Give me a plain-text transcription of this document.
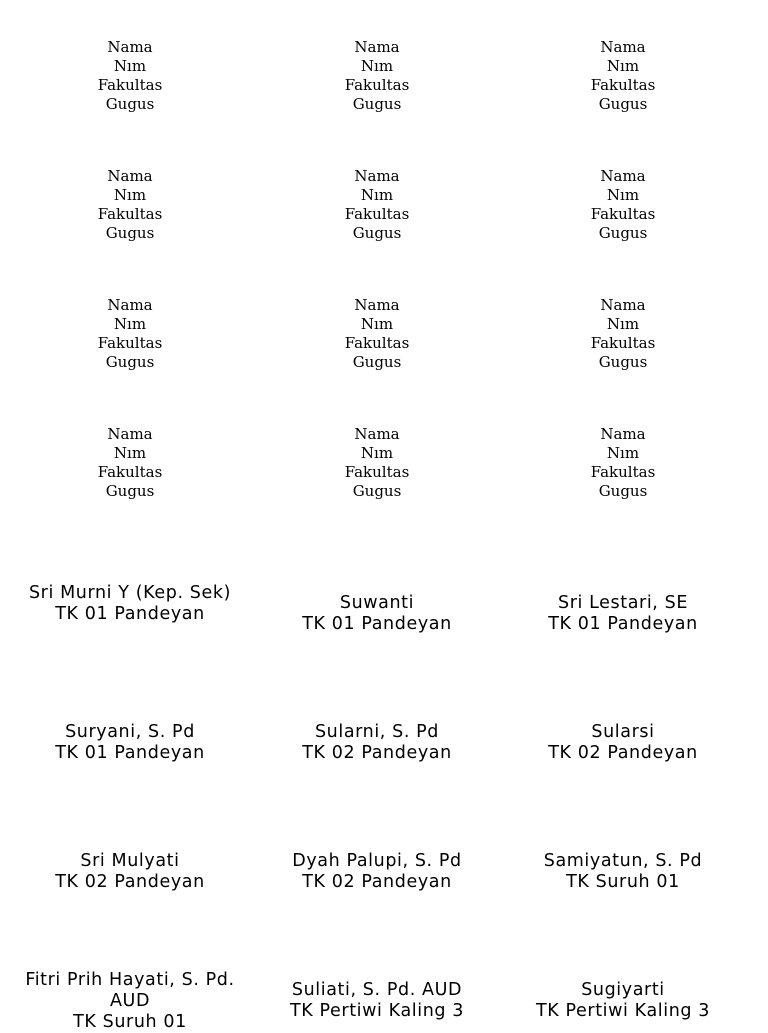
Nama
Nım
Fakultas
Gugus
Nama
Nım
Fakultas
Gugus
Nama
Nım
Fakultas
Gugus
Nama
Nım
Fakultas
Gugus
Nama
Nım
Fakultas
Gugus
Nama
Nım
Fakultas
Gugus
Nama
Nım
Fakultas
Gugus
Nama
Nım
Fakultas
Gugus
Nama
Nım
Fakultas
Gugus
Nama
Nım
Fakultas
Gugus
Nama
Nım
Fakultas
Gugus
Nama
Nım
Fakultas
Gugus
Sri Murni Y (Kep. Sek)
TK 01 Pandeyan
Suwanti
TK 01 Pandeyan
Sri Lestari, SE
TK 01 Pandeyan
Suryani, S. Pd
TK 01 Pandeyan
Sularni, S. Pd
TK 02 Pandeyan
Sularsi
TK 02 Pandeyan
Sri Mulyati
TK 02 Pandeyan
Dyah Palupi, S. Pd
TK 02 Pandeyan
Samiyatun, S. Pd
TK Suruh 01
Fitri Prih Hayati, S. Pd. AUD
TK Suruh 01
Suliati, S. Pd. AUD
TK Pertiwi Kaling 3
Sugiyarti
TK Pertiwi Kaling 3
